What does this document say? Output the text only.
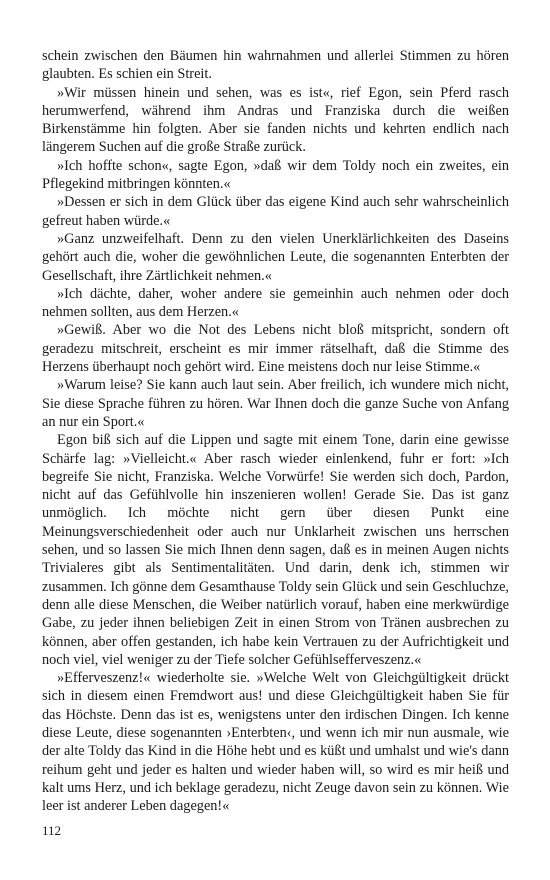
schein zwischen den Bäumen hin wahrnahmen und allerlei Stimmen zu hören glaubten. Es schien ein Streit.

»Wir müssen hinein und sehen, was es ist«, rief Egon, sein Pferd rasch herumwerfend, während ihm Andras und Franziska durch die weißen Birkenstämme hin folgten. Aber sie fanden nichts und kehrten endlich nach längerem Suchen auf die große Straße zurück.

»Ich hoffte schon«, sagte Egon, »daß wir dem Toldy noch ein zweites, ein Pflegekind mitbringen könnten.«

»Dessen er sich in dem Glück über das eigene Kind auch sehr wahrscheinlich gefreut haben würde.«

»Ganz unzweifelhaft. Denn zu den vielen Unerklärlichkeiten des Daseins gehört auch die, woher die gewöhnlichen Leute, die sogenannten Enterbten der Gesellschaft, ihre Zärtlichkeit nehmen.«

»Ich dächte, daher, woher andere sie gemeinhin auch nehmen oder doch nehmen sollten, aus dem Herzen.«

»Gewiß. Aber wo die Not des Lebens nicht bloß mitspricht, sondern oft geradezu mitschreit, erscheint es mir immer rätselhaft, daß die Stimme des Herzens überhaupt noch gehört wird. Eine meistens doch nur leise Stimme.«

»Warum leise? Sie kann auch laut sein. Aber freilich, ich wundere mich nicht, Sie diese Sprache führen zu hören. War Ihnen doch die ganze Suche von Anfang an nur ein Sport.«

Egon biß sich auf die Lippen und sagte mit einem Tone, darin eine gewisse Schärfe lag: »Vielleicht.« Aber rasch wieder einlenkend, fuhr er fort: »Ich begreife Sie nicht, Franziska. Welche Vorwürfe! Sie werden sich doch, Pardon, nicht auf das Gefühlvolle hin inszenieren wollen! Gerade Sie. Das ist ganz unmöglich. Ich möchte nicht gern über diesen Punkt eine Meinungsverschiedenheit oder auch nur Unklarheit zwischen uns herrschen sehen, und so lassen Sie mich Ihnen denn sagen, daß es in meinen Augen nichts Trivialeres gibt als Sentimentalitäten. Und darin, denk ich, stimmen wir zusammen. Ich gönne dem Gesamthause Toldy sein Glück und sein Geschluchze, denn alle diese Menschen, die Weiber natürlich vorauf, haben eine merkwürdige Gabe, zu jeder ihnen beliebigen Zeit in einen Strom von Tränen ausbrechen zu können, aber offen gestanden, ich habe kein Vertrauen zu der Aufrichtigkeit und noch viel, viel weniger zu der Tiefe solcher Gefühlsefferveszenz.«

»Efferveszenz!« wiederholte sie. »Welche Welt von Gleichgültigkeit drückt sich in diesem einen Fremdwort aus! und diese Gleichgültigkeit haben Sie für das Höchste. Denn das ist es, wenigstens unter den irdischen Dingen. Ich kenne diese Leute, diese sogenannten ›Enterbten‹, und wenn ich mir nun ausmale, wie der alte Toldy das Kind in die Höhe hebt und es küßt und umhalst und wie's dann reihum geht und jeder es halten und wieder haben will, so wird es mir heiß und kalt ums Herz, und ich beklage geradezu, nicht Zeuge davon sein zu können. Wie leer ist anderer Leben dagegen!«

112
